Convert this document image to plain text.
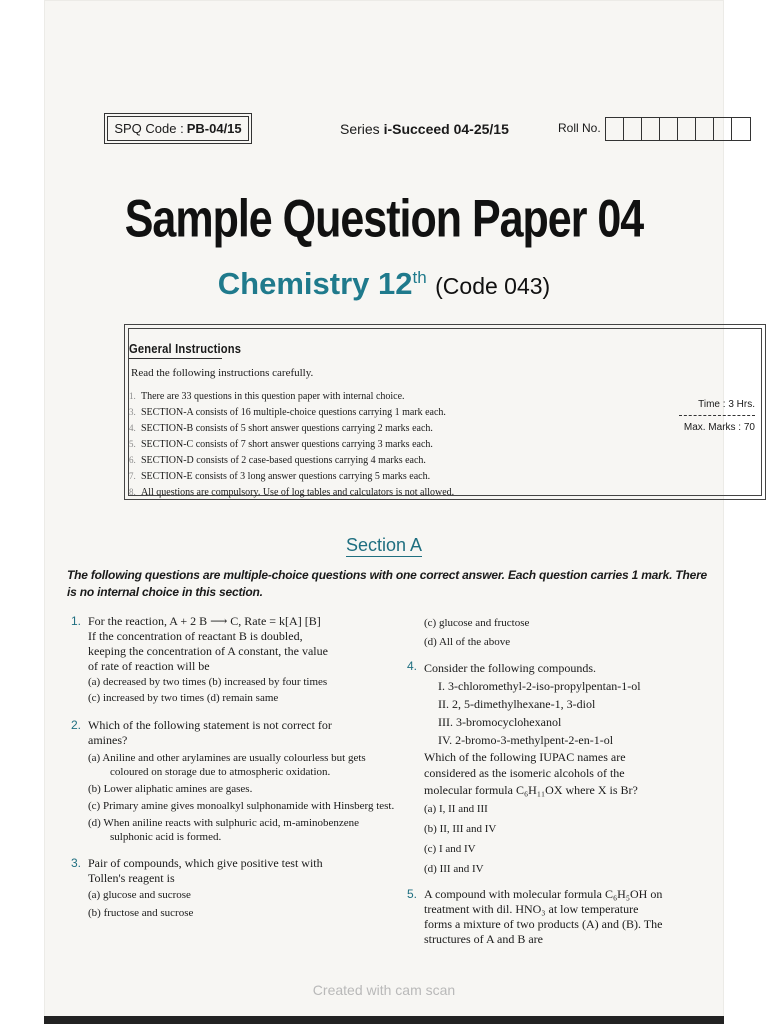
SPQ Code : PB-04/15	Series i-Succeed 04-25/15	Roll No.
Sample Question Paper 04
Chemistry 12th (Code 043)
General Instructions
Read the following instructions carefully.
1. There are 33 questions in this question paper with internal choice.
3. SECTION-A consists of 16 multiple-choice questions carrying 1 mark each.
4. SECTION-B consists of 5 short answer questions carrying 2 marks each.
5. SECTION-C consists of 7 short answer questions carrying 3 marks each.
6. SECTION-D consists of 2 case-based questions carrying 4 marks each.
7. SECTION-E consists of 3 long answer questions carrying 5 marks each.
8. All questions are compulsory. Use of log tables and calculators is not allowed.
Time : 3 Hrs.
Max. Marks : 70
Section A
The following questions are multiple-choice questions with one correct answer. Each question carries 1 mark. There is no internal choice in this section.
1. For the reaction, A + 2 B ⟶ C, Rate = k[A] [B]

If the concentration of reactant B is doubled,

keeping the concentration of A constant, the value

of rate of reaction will be

(a) decreased by two times (b) increased by four times
(c) increased by two times (d) remain same
2. Which of the following statement is not correct for

amines?

(a) Aniline and other arylamines are usually colourless but gets coloured on storage due to atmospheric oxidation.
(b) Lower aliphatic amines are gases.
(c) Primary amine gives monoalkyl sulphonamide with Hinsberg test.
(d) When aniline reacts with sulphuric acid, m-aminobenzene sulphonic acid is formed.
3. Pair of compounds, which give positive test with

Tollen's reagent is

(a) glucose and sucrose
(b) fructose and sucrose
(c) glucose and fructose
(d) All of the above
4. Consider the following compounds.

I. 3-chloromethyl-2-iso-propylpentan-1-ol
II. 2, 5-dimethylhexane-1, 3-diol
III. 3-bromocyclohexanol
IV. 2-bromo-3-methylpent-2-en-1-ol

Which of the following IUPAC names are

considered as the isomeric alcohols of the

molecular formula C₆H₁₁OX where X is Br?

(a) I, II and III
(b) II, III and IV
(c) I and IV
(d) III and IV
5. A compound with molecular formula C₆H₅OH on

treatment with dil. HNO₃ at low temperature

forms a mixture of two products (A) and (B). The

structures of A and B are

Created with cam scan
